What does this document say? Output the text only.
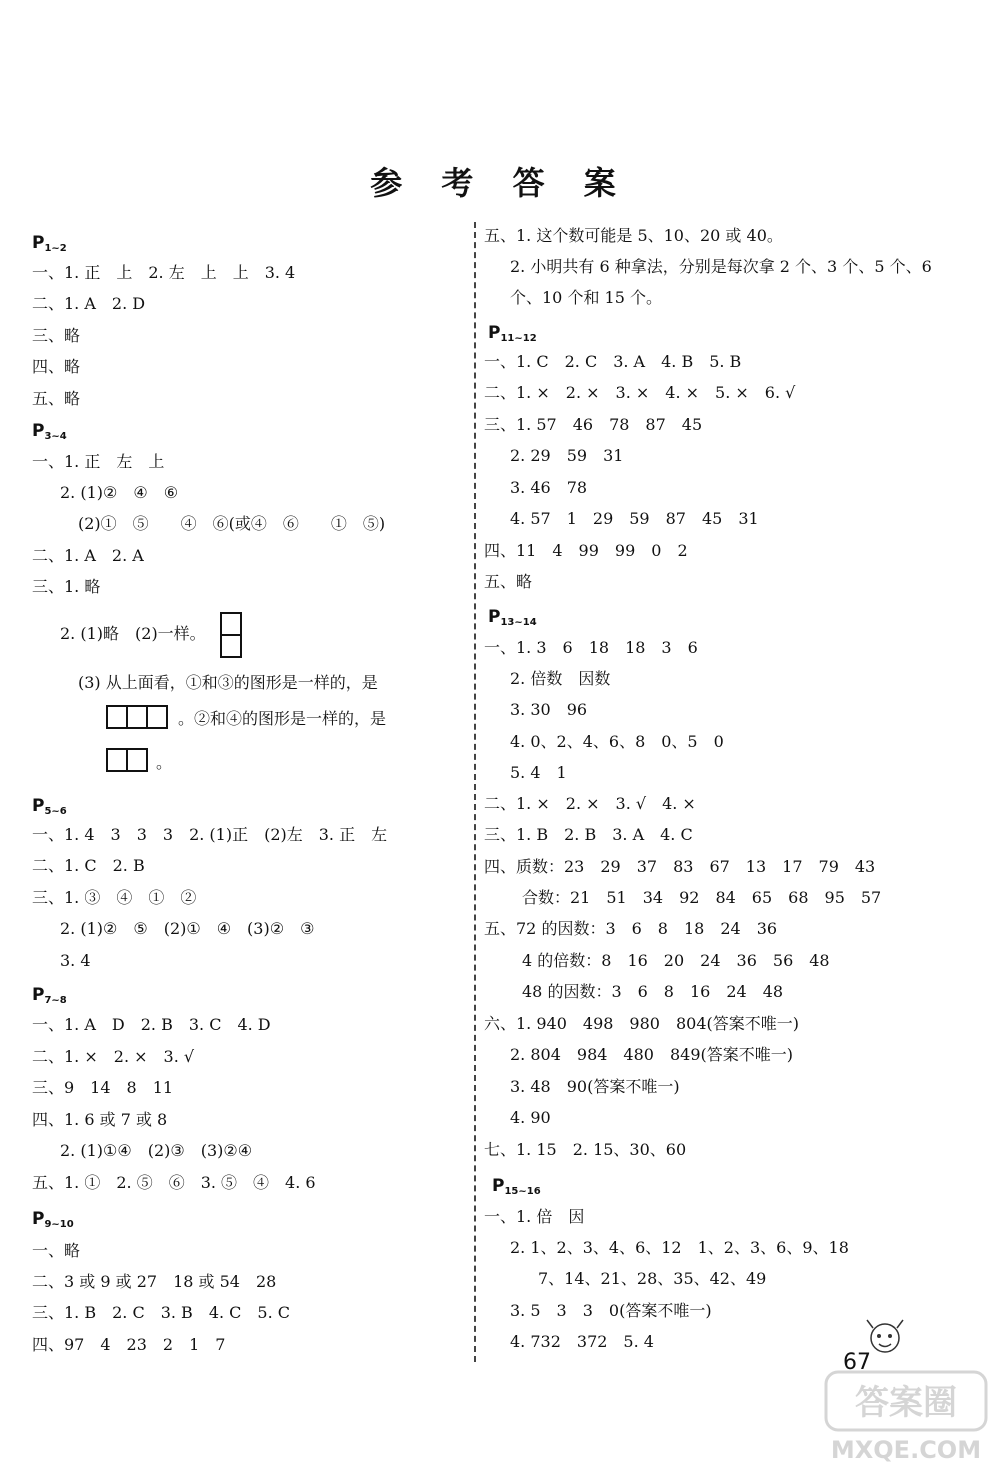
参 考 答 案
$P_{1\sim 2}$
一、1. 正　上　2. 左　上　上　3. 4
二、1. A　2. D
三、略
四、略
五、略
$P_{3\sim 4}$
一、1. 正　左　上
2. (1)②　④　⑥
(2)①　⑤　　④　⑥(或④　⑥　　①　⑤)
二、1. A　2. A
三、1. 略
2. (1)略　(2)一样。
(3) 从上面看，①和③的图形是一样的，是
。②和④的图形是一样的，是
。
$P_{5\sim 6}$
一、1. 4　3　3　3　2. (1)正　(2)左　3. 正　左
二、1. C　2. B
三、1. ③　④　①　②
2. (1)②　⑤　(2)①　④　(3)②　③
3. 4
$P_{7\sim 8}$
一、1. A　D　2. B　3. C　4. D
二、1. ×　2. ×　3. √
三、9　14　8　11
四、1. 6 或 7 或 8
2. (1)①④　(2)③　(3)②④
五、1. ①　2. ⑤　⑥　3. ⑤　④　4. 6
$P_{9\sim 10}$
一、略
二、3 或 9 或 27　18 或 54　28
三、1. B　2. C　3. B　4. C　5. C
四、97　4　23　2　1　7
五、1. 这个数可能是 5、10、20 或 40。
2. 小明共有 6 种拿法，分别是每次拿 2 个、3 个、5 个、6
个、10 个和 15 个。
$P_{11\sim 12}$
一、1. C　2. C　3. A　4. B　5. B
二、1. ×　2. ×　3. ×　4. ×　5. ×　6. √
三、1. 57　46　78　87　45
2. 29　59　31
3. 46　78
4. 57　1　29　59　87　45　31
四、11　4　99　99　0　2
五、略
$P_{13\sim 14}$
一、1. 3　6　18　18　3　6
2. 倍数　因数
3. 30　96
4. 0、2、4、6、8　0、5　0
5. 4　1
二、1. ×　2. ×　3. √　4. ×
三、1. B　2. B　3. A　4. C
四、质数：23　29　37　83　67　13　17　79　43
合数：21　51　34　92　84　65　68　95　57
五、72 的因数：3　6　8　18　24　36
4 的倍数：8　16　20　24　36　56　48
48 的因数：3　6　8　16　24　48
六、1. 940　498　980　804(答案不唯一)
2. 804　984　480　849(答案不唯一)
3. 48　90(答案不唯一)
4. 90
七、1. 15　2. 15、30、60
$P_{15\sim 16}$
一、1. 倍　因
2. 1、2、3、4、6、12　1、2、3、6、9、18
7、14、21、28、35、42、49
3. 5　3　3　0(答案不唯一)
4. 732　372　5. 4
67
答案圈
MXQE.COM
